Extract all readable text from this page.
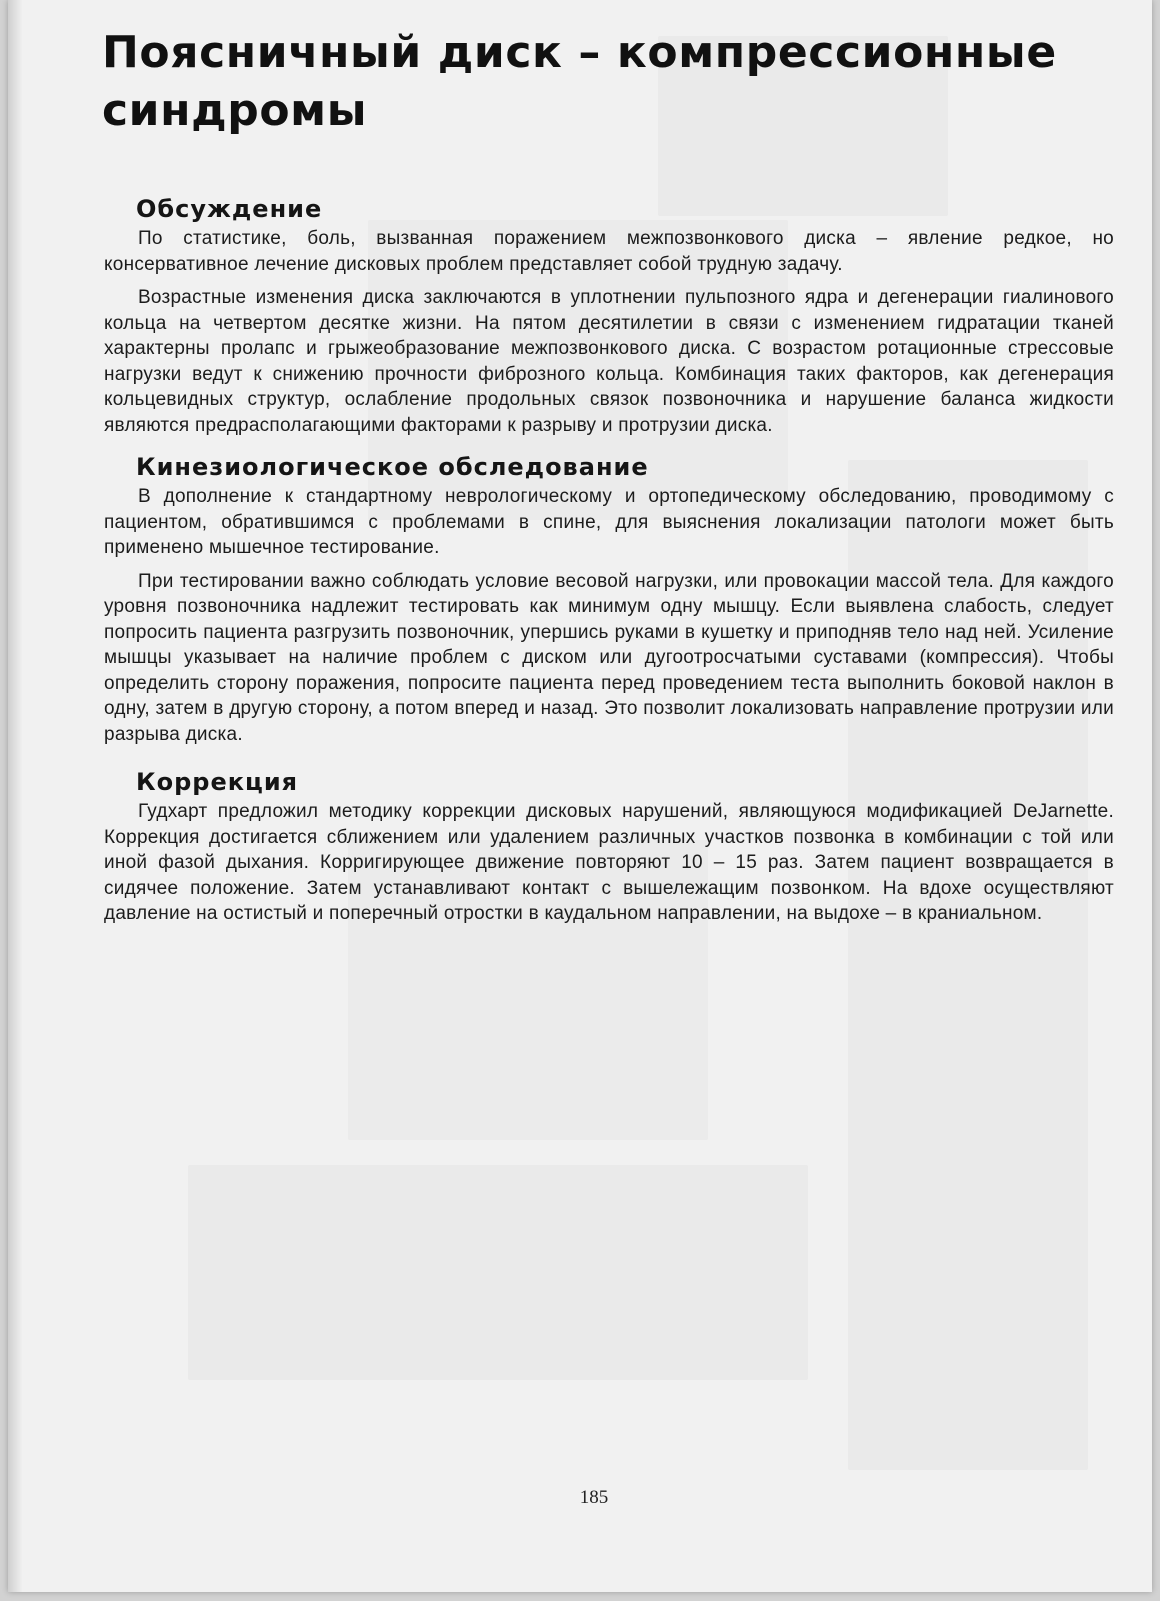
Поясничный диск – компрессионные синдромы
Обсуждение

По статистике, боль, вызванная поражением межпозвонкового диска – явление редкое, но консервативное лечение дисковых проблем представляет собой трудную задачу.

Возрастные изменения диска заключаются в уплотнении пульпозного ядра и дегенерации гиалинового кольца на четвертом десятке жизни. На пятом десятилетии в связи с изменением гидратации тканей характерны пролапс и грыжеобразование межпозвонкового диска. С возрастом ротационные стрессовые нагрузки ведут к снижению прочности фиброзного кольца. Комбинация таких факторов, как дегенерация кольцевидных структур, ослабление продольных связок позвоночника и нарушение баланса жидкости являются предрасполагающими факторами к разрыву и протрузии диска.

Кинезиологическое обследование

В дополнение к стандартному неврологическому и ортопедическому обследованию, проводимому с пациентом, обратившимся с проблемами в спине, для выяснения локализации патологи может быть применено мышечное тестирование.

При тестировании важно соблюдать условие весовой нагрузки, или провокации массой тела. Для каждого уровня позвоночника надлежит тестировать как минимум одну мышцу. Если выявлена слабость, следует попросить пациента разгрузить позвоночник, упершись руками в кушетку и приподняв тело над ней. Усиление мышцы указывает на наличие проблем с диском или дугоотросчатыми суставами (компрессия). Чтобы определить сторону поражения, попросите пациента перед проведением теста выполнить боковой наклон в одну, затем в другую сторону, а потом вперед и назад. Это позволит локализовать направление протрузии или разрыва диска.

Коррекция

Гудхарт предложил методику коррекции дисковых нарушений, являющуюся модификацией DeJarnette. Коррекция достигается сближением или удалением различных участков позвонка в комбинации с той или иной фазой дыхания. Корригирующее движение повторяют 10 – 15 раз. Затем пациент возвращается в сидячее положение. Затем устанавливают контакт с вышележащим позвонком. На вдохе осуществляют давление на остистый и поперечный отростки в каудальном направлении, на выдохе – в краниальном.

185
